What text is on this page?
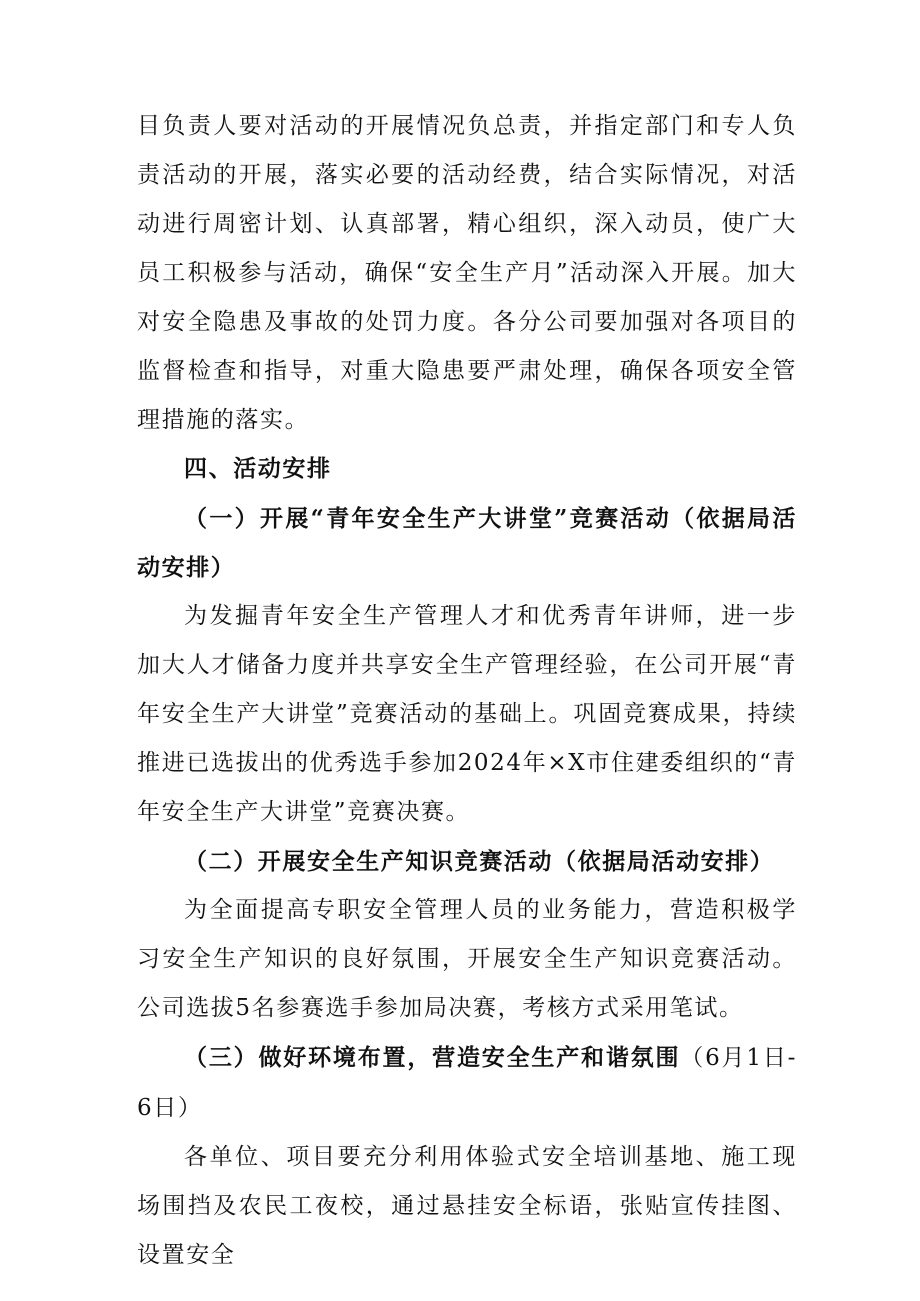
目负责人要对活动的开展情况负总责，并指定部门和专人负责活动的开展，落实必要的活动经费，结合实际情况，对活动进行周密计划、认真部署，精心组织，深入动员，使广大员工积极参与活动，确保“安全生产月”活动深入开展。加大对安全隐患及事故的处罚力度。各分公司要加强对各项目的监督检查和指导，对重大隐患要严肃处理，确保各项安全管理措施的落实。

四、活动安排

（一）开展“青年安全生产大讲堂”竞赛活动（依据局活动安排）

为发掘青年安全生产管理人才和优秀青年讲师，进一步加大人才储备力度并共享安全生产管理经验，在公司开展“青年安全生产大讲堂”竞赛活动的基础上。巩固竞赛成果，持续推进已选拔出的优秀选手参加2024年×X市住建委组织的“青年安全生产大讲堂”竞赛决赛。

（二）开展安全生产知识竞赛活动（依据局活动安排）

为全面提高专职安全管理人员的业务能力，营造积极学习安全生产知识的良好氛围，开展安全生产知识竞赛活动。公司选拔5名参赛选手参加局决赛，考核方式采用笔试。

（三）做好环境布置，营造安全生产和谐氛围（6月1日-6日）

各单位、项目要充分利用体验式安全培训基地、施工现场围挡及农民工夜校，通过悬挂安全标语，张贴宣传挂图、设置安全
